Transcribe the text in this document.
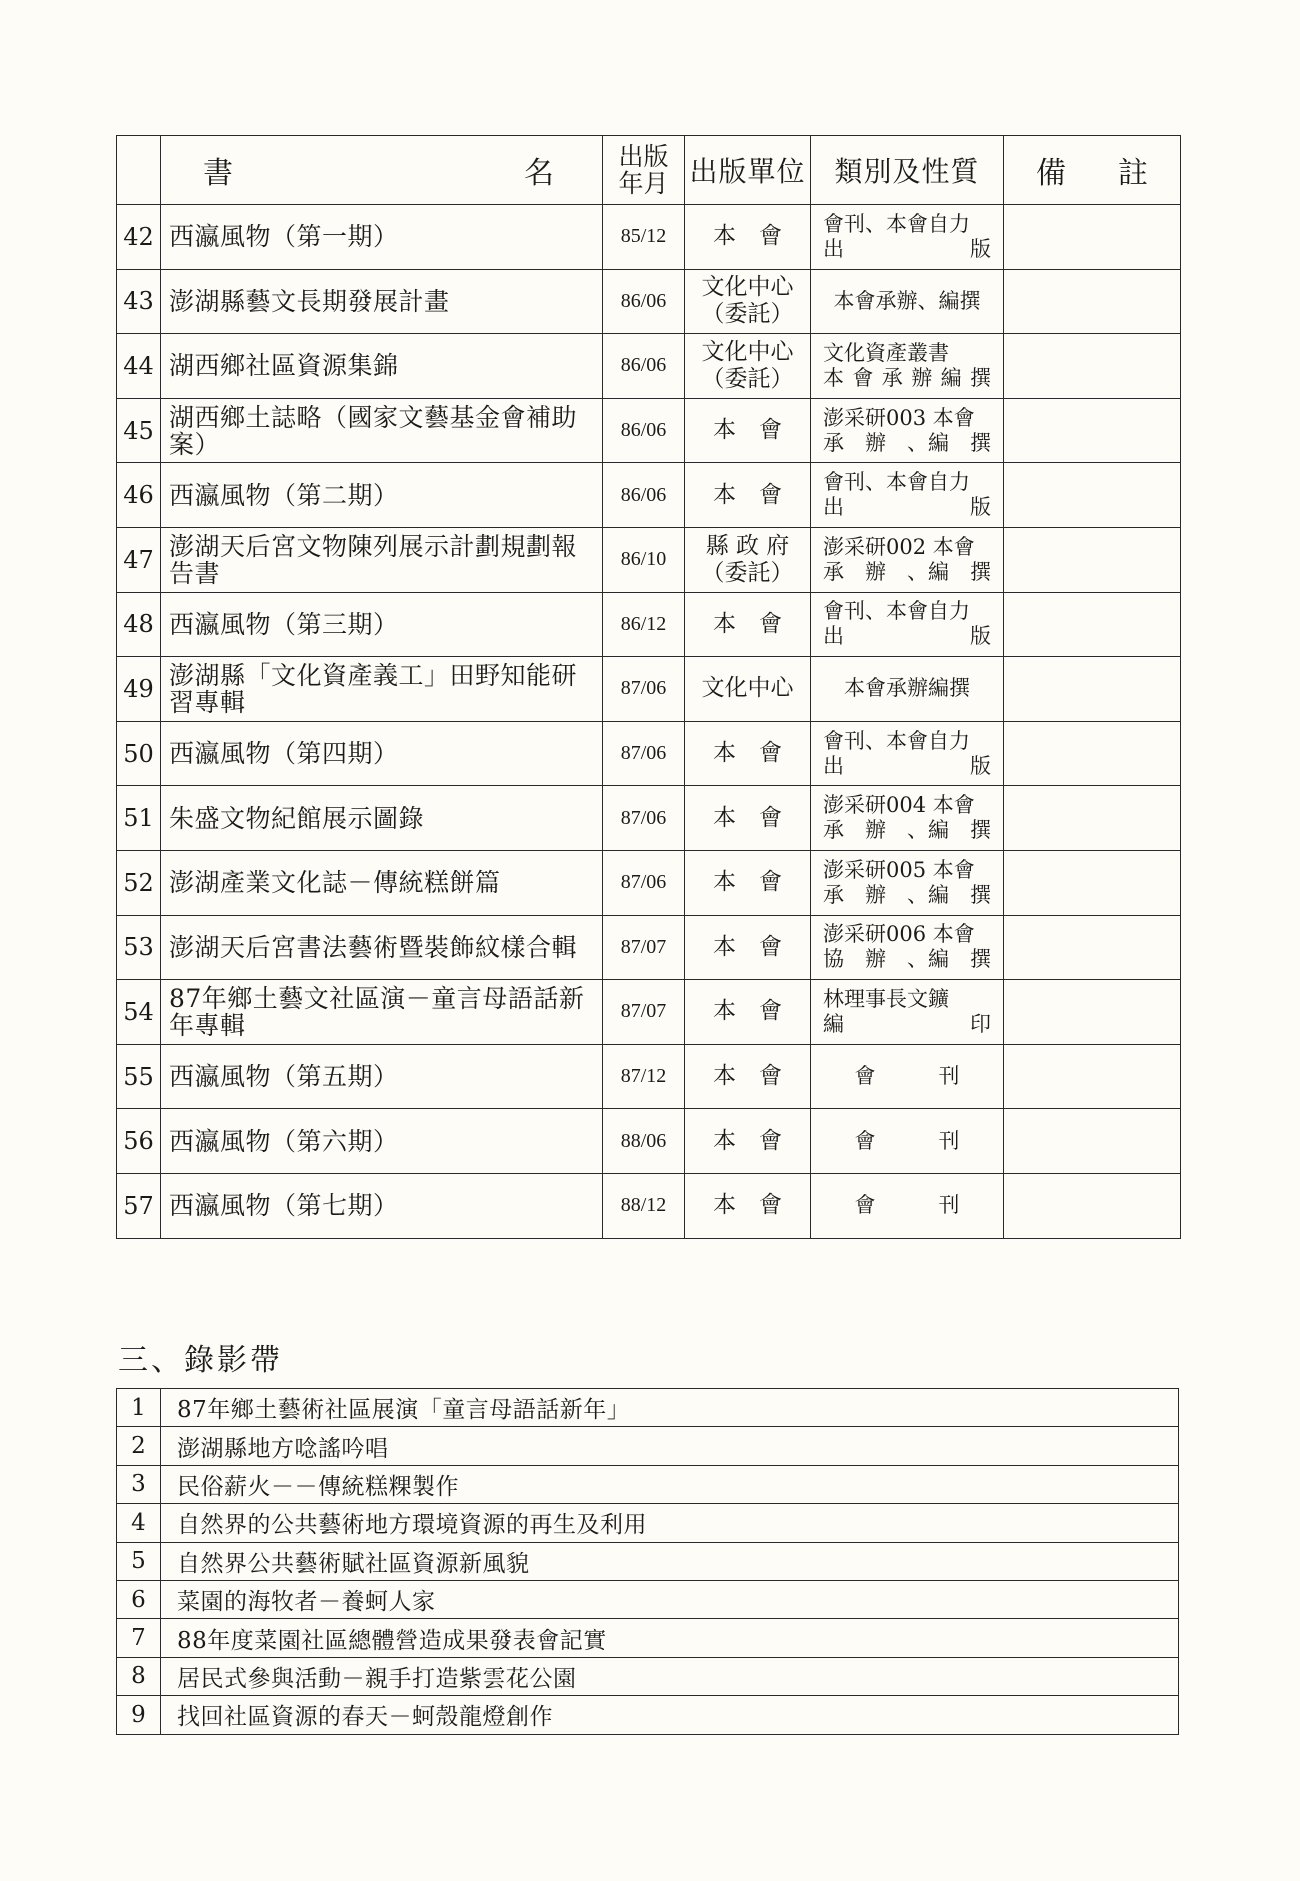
	書 名	出版
年月	出版單位	類別及性質	備 註

42	西瀛風物（第一期）	85/12	本　會	會刊、本會自力
出　　　　版	

43	澎湖縣藝文長期發展計畫	86/06	文化中心
（委託）	本會承辦、編撰	

44	湖西鄉社區資源集錦	86/06	文化中心
（委託）	文化資產叢書
本會承辦編撰	

45	湖西鄉土誌略（國家文藝基金會補助案）	86/06	本　會	澎采研003 本會
承　辦　、編　撰	

46	西瀛風物（第二期）	86/06	本　會	會刊、本會自力
出　　　　版	

47	澎湖天后宮文物陳列展示計劃規劃報告書	86/10	縣 政 府
（委託）	澎采研002 本會
承　辦　、編　撰	

48	西瀛風物（第三期）	86/12	本　會	會刊、本會自力
出　　　　版	

49	澎湖縣「文化資產義工」田野知能研習專輯	87/06	文化中心	本會承辦編撰	

50	西瀛風物（第四期）	87/06	本　會	會刊、本會自力
出　　　　版	

51	朱盛文物紀館展示圖錄	87/06	本　會	澎采研004 本會
承　辦　、編　撰	

52	澎湖產業文化誌－傳統糕餅篇	87/06	本　會	澎采研005 本會
承　辦　、編　撰	

53	澎湖天后宮書法藝術暨裝飾紋樣合輯	87/07	本　會	澎采研006 本會
協　辦　、編　撰	

54	87年鄉土藝文社區演－童言母語話新年專輯	87/07	本　會	林理事長文鑛
編　　　　印	

55	西瀛風物（第五期）	87/12	本　會	會　　　刊	

56	西瀛風物（第六期）	88/06	本　會	會　　　刊	

57	西瀛風物（第七期）	88/12	本　會	會　　　刊	

三、錄影帶
1	87年鄉土藝術社區展演「童言母語話新年」
2	澎湖縣地方唸謠吟唱
3	民俗薪火－－傳統糕粿製作
4	自然界的公共藝術地方環境資源的再生及利用
5	自然界公共藝術賦社區資源新風貌
6	菜園的海牧者－養蚵人家
7	88年度菜園社區總體營造成果發表會記實
8	居民式參與活動－親手打造紫雲花公園
9	找回社區資源的春天－蚵殼龍燈創作
